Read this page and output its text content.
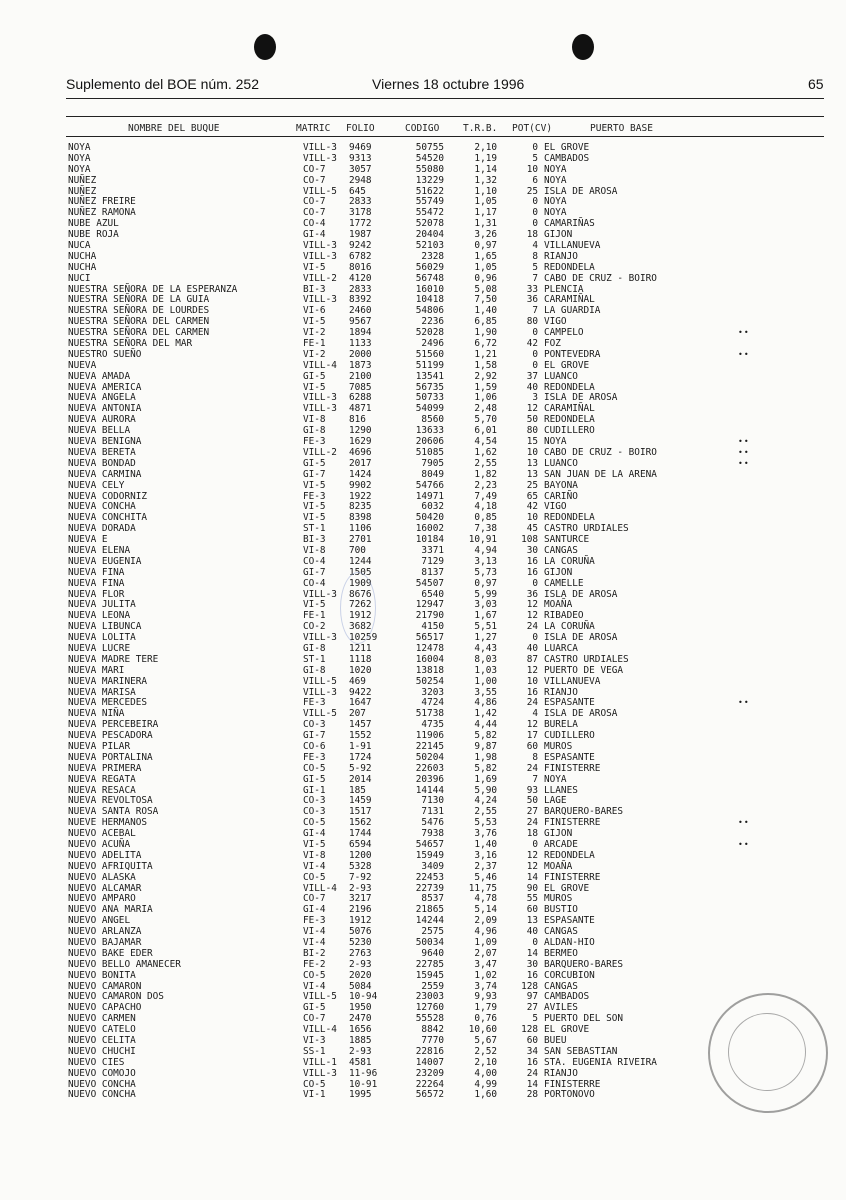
Suplemento del BOE núm. 252	Viernes 18 octubre 1996	65
NOMBRE DEL BUQUE	MATRIC FOLIO	CODIGO T.R.B. POT(CV)	PUERTO BASE
NOYA	VILL-3 9469	50755	2,10	0 EL GROVE
NOYA	VILL-3 9313	54520	1,19	5 CAMBADOS
NOYA	CO-7 3057	55080	1,14	10 NOYA
NUÑEZ	CO-7 2948	13229	1,32	6 NOYA
NUÑEZ	VILL-5 645	51622	1,10	25 ISLA DE AROSA
NUÑEZ FREIRE	CO-7 2833	55749	1,05	0 NOYA
NUÑEZ RAMONA	CO-7 3178	55472	1,17	0 NOYA
NUBE AZUL	CO-4 1772	52078	1,31	0 CAMARIÑAS
NUBE ROJA	GI-4 1987	20404	3,26	18 GIJON
NUCA	VILL-3 9242	52103	0,97	4 VILLANUEVA
NUCHA	VILL-3 6782	2328	1,65	8 RIANJO
NUCHA	VI-5 8016	56029	1,05	5 REDONDELA
NUCI	VILL-2 4120	56748	0,96	7 CABO DE CRUZ - BOIRO
NUESTRA SEÑORA DE LA ESPERANZA	BI-3 2833	16010	5,08	33 PLENCIA
NUESTRA SEÑORA DE LA GUIA	VILL-3 8392	10418	7,50	36 CARAMIÑAL
NUESTRA SEÑORA DE LOURDES	VI-6 2460	54806	1,40	7 LA GUARDIA
NUESTRA SEÑORA DEL CARMEN	VI-5 9567	2236	6,85	80 VIGO
NUESTRA SEÑORA DEL CARMEN	VI-2 1894	52028	1,90	0 CAMPELO	••
NUESTRA SEÑORA DEL MAR	FE-1 1133	2496	6,72	42 FOZ
NUESTRO SUEÑO	VI-2 2000	51560	1,21	0 PONTEVEDRA	••
NUEVA	VILL-4 1873	51199	1,58	0 EL GROVE
NUEVA AMADA	GI-5 2100	13541	2,92	37 LUANCO
NUEVA AMERICA	VI-5 7085	56735	1,59	40 REDONDELA
NUEVA ANGELA	VILL-3 6288	50733	1,06	3 ISLA DE AROSA
NUEVA ANTONIA	VILL-3 4871	54099	2,48	12 CARAMIÑAL
NUEVA AURORA	VI-8 816	8560	5,70	50 REDONDELA
NUEVA BELLA	GI-8 1290	13633	6,01	80 CUDILLERO
NUEVA BENIGNA	FE-3 1629	20606	4,54	15 NOYA	••
NUEVA BERETA	VILL-2 4696	51085	1,62	10 CABO DE CRUZ - BOIRO	••
NUEVA BONDAD	GI-5 2017	7905	2,55	13 LUANCO	••
NUEVA CARMINA	GI-7 1424	8049	1,82	13 SAN JUAN DE LA ARENA
NUEVA CELY	VI-5 9902	54766	2,23	25 BAYONA
NUEVA CODORNIZ	FE-3 1922	14971	7,49	65 CARIÑO
NUEVA CONCHA	VI-5 8235	6032	4,18	42 VIGO
NUEVA CONCHITA	VI-5 8398	50420	0,85	10 REDONDELA
NUEVA DORADA	ST-1 1106	16002	7,38	45 CASTRO URDIALES
NUEVA E	BI-3 2701	10184	10,91	108 SANTURCE
NUEVA ELENA	VI-8 700	3371	4,94	30 CANGAS
NUEVA EUGENIA	CO-4 1244	7129	3,13	16 LA CORUÑA
NUEVA FINA	GI-7 1505	8137	5,73	16 GIJON
NUEVA FINA	CO-4 1909	54507	0,97	0 CAMELLE
NUEVA FLOR	VILL-3 8676	6540	5,99	36 ISLA DE AROSA
NUEVA JULITA	VI-5 7262	12947	3,03	12 MOAÑA
NUEVA LEONA	FE-1 1912	21790	1,67	12 RIBADEO
NUEVA LIBUNCA	CO-2 3682	4150	5,51	24 LA CORUÑA
NUEVA LOLITA	VILL-3 10259	56517	1,27	0 ISLA DE AROSA
NUEVA LUCRE	GI-8 1211	12478	4,43	40 LUARCA
NUEVA MADRE TERE	ST-1 1118	16004	8,03	87 CASTRO URDIALES
NUEVA MARI	GI-8 1020	13818	1,03	12 PUERTO DE VEGA
NUEVA MARINERA	VILL-5 469	50254	1,00	10 VILLANUEVA
NUEVA MARISA	VILL-3 9422	3203	3,55	16 RIANJO
NUEVA MERCEDES	FE-3 1647	4724	4,86	24 ESPASANTE	••
NUEVA NIÑA	VILL-5 207	51738	1,42	4 ISLA DE AROSA
NUEVA PERCEBEIRA	CO-3 1457	4735	4,44	12 BURELA
NUEVA PESCADORA	GI-7 1552	11906	5,82	17 CUDILLERO
NUEVA PILAR	CO-6 1-91	22145	9,87	60 MUROS
NUEVA PORTALINA	FE-3 1724	50204	1,98	8 ESPASANTE
NUEVA PRIMERA	CO-5 5-92	22603	5,82	24 FINISTERRE
NUEVA REGATA	GI-5 2014	20396	1,69	7 NOYA
NUEVA RESACA	GI-1 185	14144	5,90	93 LLANES
NUEVA REVOLTOSA	CO-3 1459	7130	4,24	50 LAGE
NUEVA SANTA ROSA	CO-3 1517	7131	2,55	27 BARQUERO-BARES
NUEVE HERMANOS	CO-5 1562	5476	5,53	24 FINISTERRE	••
NUEVO ACEBAL	GI-4 1744	7938	3,76	18 GIJON
NUEVO ACUÑA	VI-5 6594	54657	1,40	0 ARCADE	••
NUEVO ADELITA	VI-8 1200	15949	3,16	12 REDONDELA
NUEVO AFRIQUITA	VI-4 5328	3409	2,37	12 MOAÑA
NUEVO ALASKA	CO-5 7-92	22453	5,46	14 FINISTERRE
NUEVO ALCAMAR	VILL-4 2-93	22739	11,75	90 EL GROVE
NUEVO AMPARO	CO-7 3217	8537	4,78	55 MUROS
NUEVO ANA MARIA	GI-4 2196	21865	5,14	60 BUSTIO
NUEVO ANGEL	FE-3 1912	14244	2,09	13 ESPASANTE
NUEVO ARLANZA	VI-4 5076	2575	4,96	40 CANGAS
NUEVO BAJAMAR	VI-4 5230	50034	1,09	0 ALDAN-HIO
NUEVO BAKE EDER	BI-2 2763	9640	2,07	14 BERMEO
NUEVO BELLO AMANECER	FE-2 2-93	22785	3,47	30 BARQUERO-BARES
NUEVO BONITA	CO-5 2020	15945	1,02	16 CORCUBION
NUEVO CAMARON	VI-4 5084	2559	3,74	128 CANGAS
NUEVO CAMARON DOS	VILL-5 10-94	23003	9,93	97 CAMBADOS
NUEVO CAPACHO	GI-5 1950	12760	1,79	27 AVILES
NUEVO CARMEN	CO-7 2470	55528	0,76	5 PUERTO DEL SON
NUEVO CATELO	VILL-4 1656	8842	10,60	128 EL GROVE
NUEVO CELITA	VI-3 1885	7770	5,67	60 BUEU
NUEVO CHUCHI	SS-1 2-93	22816	2,52	34 SAN SEBASTIAN
NUEVO CIES	VILL-1 4581	14007	2,10	16 STA. EUGENIA RIVEIRA
NUEVO COMOJO	VILL-3 11-96	23209	4,00	24 RIANJO
NUEVO CONCHA	CO-5 10-91	22264	4,99	14 FINISTERRE
NUEVO CONCHA	VI-1 1995	56572	1,60	28 PORTONOVO
